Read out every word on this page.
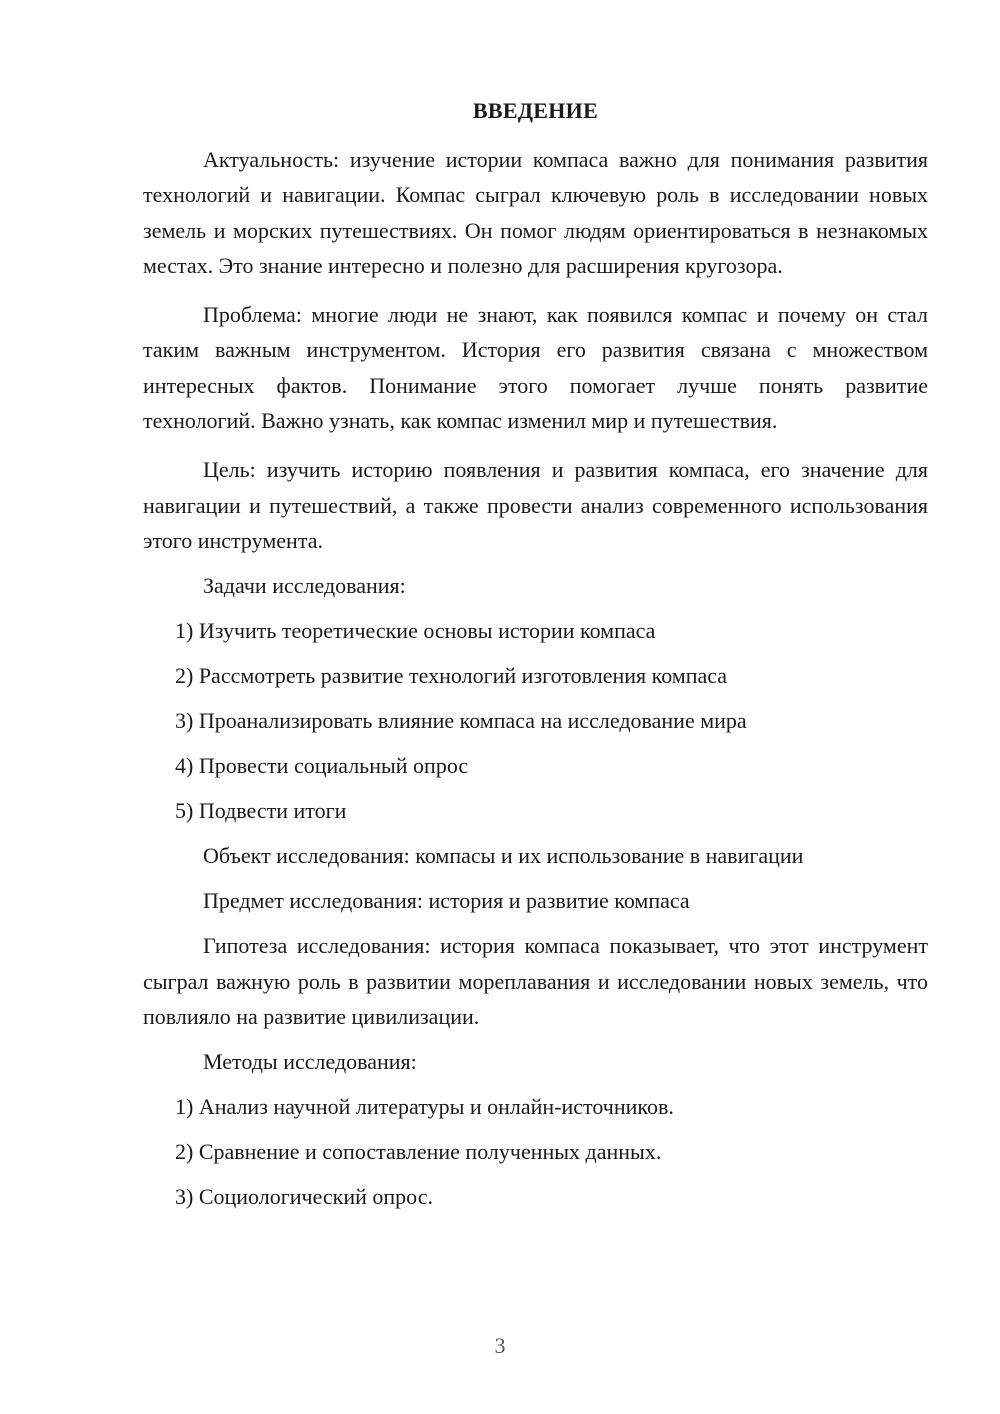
ВВЕДЕНИЕ

Актуальность: изучение истории компаса важно для понимания развития технологий и навигации. Компас сыграл ключевую роль в исследовании новых земель и морских путешествиях. Он помог людям ориентироваться в незнакомых местах. Это знание интересно и полезно для расширения кругозора.

Проблема: многие люди не знают, как появился компас и почему он стал таким важным инструментом. История его развития связана с множеством интересных фактов. Понимание этого помогает лучше понять развитие технологий. Важно узнать, как компас изменил мир и путешествия.

Цель: изучить историю появления и развития компаса, его значение для навигации и путешествий, а также провести анализ современного использования этого инструмента.

Задачи исследования:
1) Изучить теоретические основы истории компаса
2) Рассмотреть развитие технологий изготовления компаса
3) Проанализировать влияние компаса на исследование мира
4) Провести социальный опрос
5) Подвести итоги
Объект исследования: компасы и их использование в навигации
Предмет исследования: история и развитие компаса

Гипотеза исследования: история компаса показывает, что этот инструмент сыграл важную роль в развитии мореплавания и исследовании новых земель, что повлияло на развитие цивилизации.

Методы исследования:
1) Анализ научной литературы и онлайн-источников.
2) Сравнение и сопоставление полученных данных.
3) Социологический опрос.
3
